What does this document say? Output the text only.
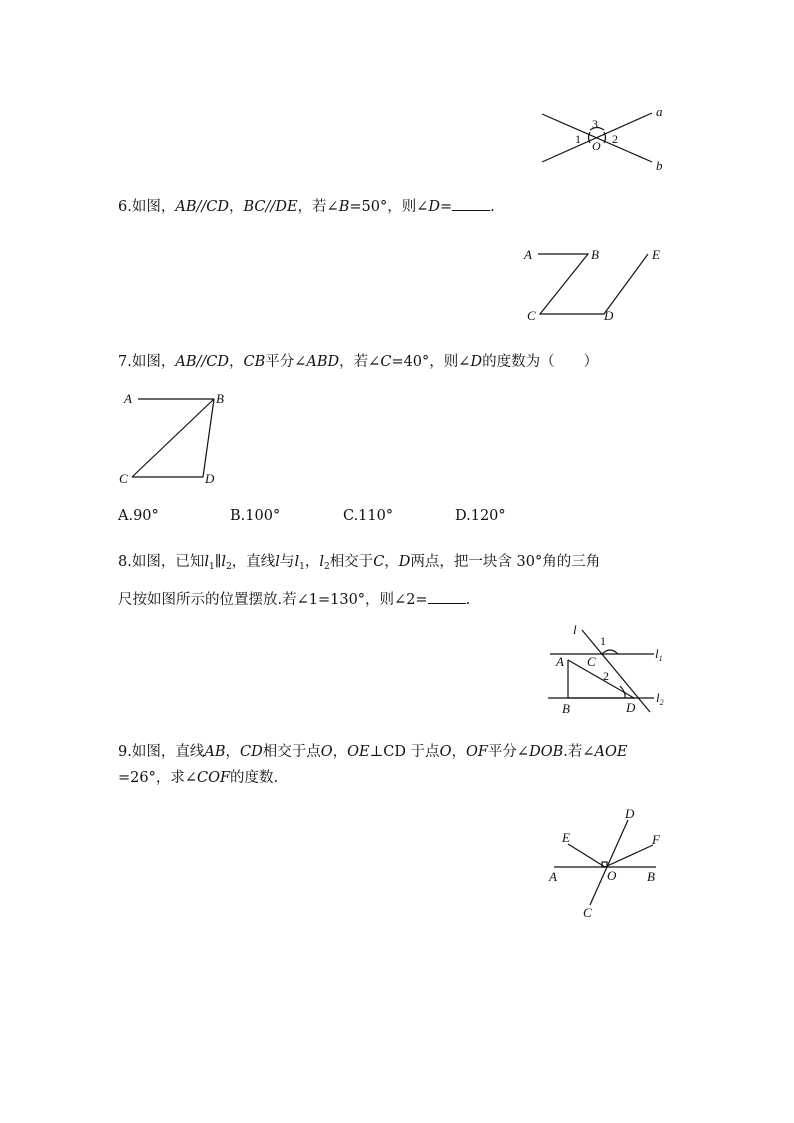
3
1	2
O
a
b
6.如图，AB//CD，BC//DE，若∠B=50°，则∠D=	.
A	B
C	D
E
7.如图，AB//CD，CB平分∠ABD，若∠C=40°，则∠D的度数为（　　）
A	B
C	D
A.90°	B.100°	C.110°	D.120°
8.如图，已知$l_1\parallel l_2$，直线l与$l_1$，$l_2$相交于C，D两点，把一块含 30°角的三角
尺按如图所示的位置摆放.若∠1=130°，则∠2=	.
l
1
$l_1$
A C
2
$l_2$
B	D
9.如图，直线AB，CD相交于点O，OE⊥CD 于点O，OF平分∠DOB.若∠AOE
=26°，求∠COF的度数.
D
E	F
A	O B
C
